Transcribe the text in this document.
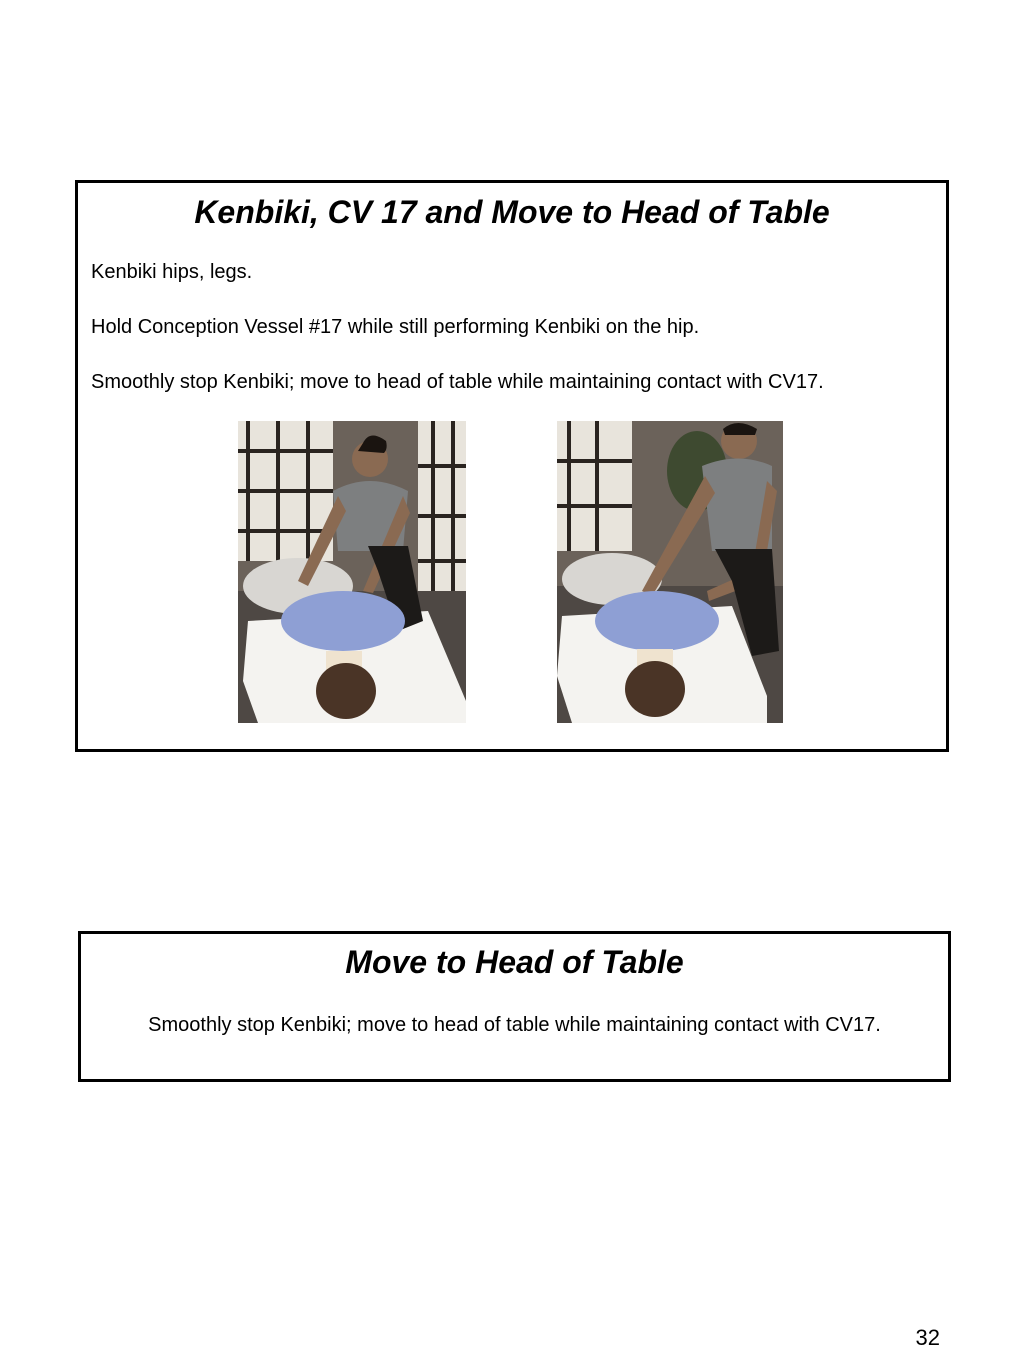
Kenbiki, CV 17 and Move to Head of Table

Kenbiki hips, legs.

Hold Conception Vessel #17 while still performing Kenbiki on the hip.

Smoothly stop Kenbiki; move to head of table while maintaining contact with CV17.

Move to Head of Table

Smoothly stop Kenbiki; move to head of table while maintaining contact with CV17.

32
